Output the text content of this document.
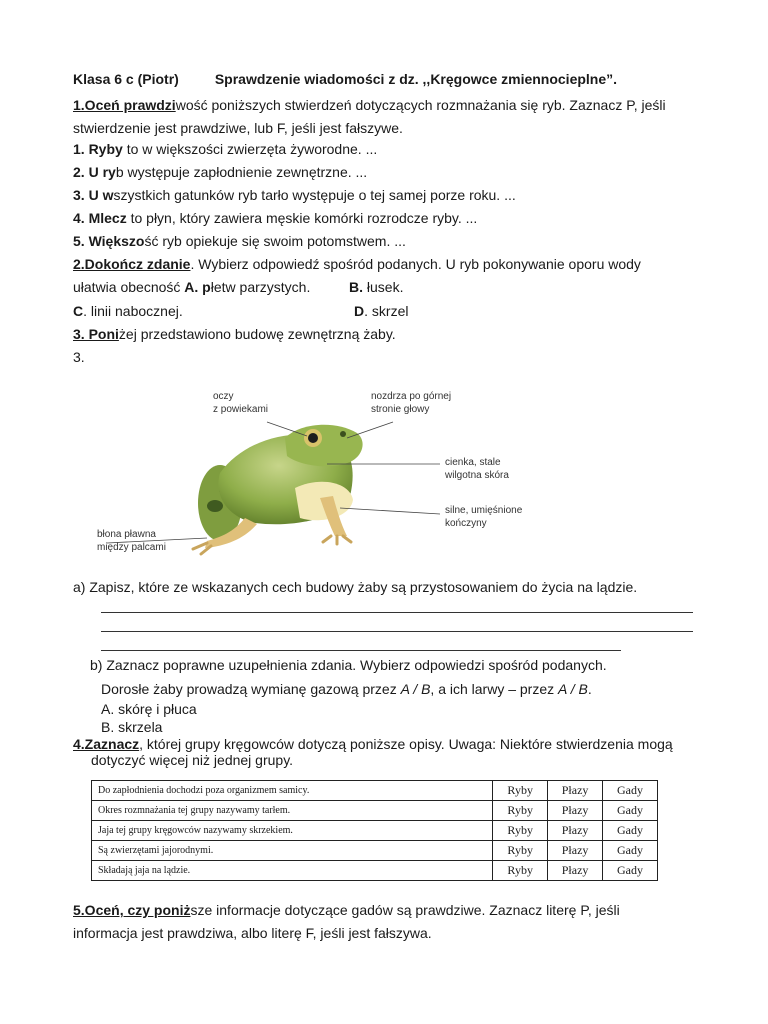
Klasa 6 c (Piotr)	Sprawdzenie wiadomości z dz. ,,Kręgowce zmiennocieplne”.
1.Oceń prawdziwość poniższych stwierdzeń dotyczących rozmnażania się ryb. Zaznacz P, jeśli
stwierdzenie jest prawdziwe, lub F, jeśli jest fałszywe.
1. Ryby to w większości zwierzęta żyworodne. ...
2. U ryb występuje zapłodnienie zewnętrzne. ...
3. U wszystkich gatunków ryb tarło występuje o tej samej porze roku. ...
4. Mlecz to płyn, który zawiera męskie komórki rozrodcze ryby. ...
5. Większość ryb opiekuje się swoim potomstwem. ...
2.Dokończ zdanie. Wybierz odpowiedź spośród podanych. U ryb pokonywanie oporu wody
ułatwia obecność A. płetw parzystych.	B. łusek.
C. linii nabocznej.	D. skrzel
3. Poniżej przedstawiono budowę zewnętrzną żaby.
3.
oczy
z powiekami
nozdrza po górnej
stronie głowy
cienka, stale
wilgotna skóra
silne, umięśnione
kończyny
błona pławna
między palcami
a) Zapisz, które ze wskazanych cech budowy żaby są przystosowaniem do życia na lądzie.
b) Zaznacz poprawne uzupełnienia zdania. Wybierz odpowiedzi spośród podanych.
Dorosłe żaby prowadzą wymianę gazową przez A / B, a ich larwy – przez A / B.
A. skórę i płuca
B. skrzela
4.Zaznacz, której grupy kręgowców dotyczą poniższe opisy. Uwaga: Niektóre stwierdzenia mogą
dotyczyć więcej niż jednej grupy.
Do zapłodnienia dochodzi poza organizmem samicy.	Ryby	Płazy	Gady
Okres rozmnażania tej grupy nazywamy tarłem.	Ryby	Płazy	Gady
Jaja tej grupy kręgowców nazywamy skrzekiem.	Ryby	Płazy	Gady
Są zwierzętami jajorodnymi.	Ryby	Płazy	Gady
Składają jaja na lądzie.	Ryby	Płazy	Gady
5.Oceń, czy poniższe informacje dotyczące gadów są prawdziwe. Zaznacz literę P, jeśli
informacja jest prawdziwa, albo literę F, jeśli jest fałszywa.
